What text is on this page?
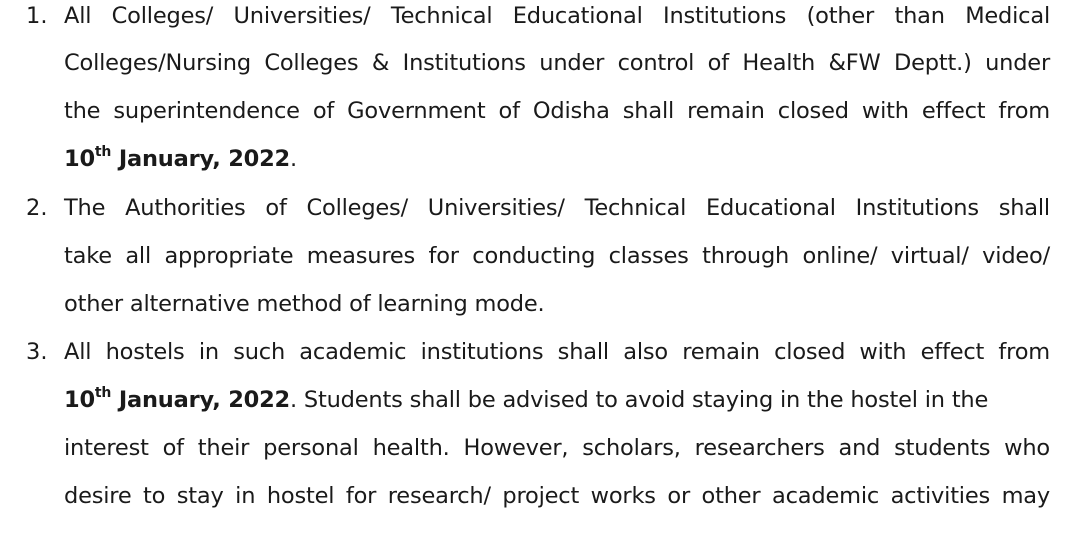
1. All Colleges/ Universities/ Technical Educational Institutions (other than Medical
Colleges/Nursing Colleges & Institutions under control of Health &FW Deptt.) under
the superintendence of Government of Odisha shall remain closed with effect from
10th January, 2022.
2. The Authorities of Colleges/ Universities/ Technical Educational Institutions shall
take all appropriate measures for conducting classes through online/ virtual/ video/
other alternative method of learning mode.
3. All hostels in such academic institutions shall also remain closed with effect from
10th January, 2022. Students shall be advised to avoid staying in the hostel in the
interest of their personal health. However, scholars, researchers and students who
desire to stay in hostel for research/ project works or other academic activities may
